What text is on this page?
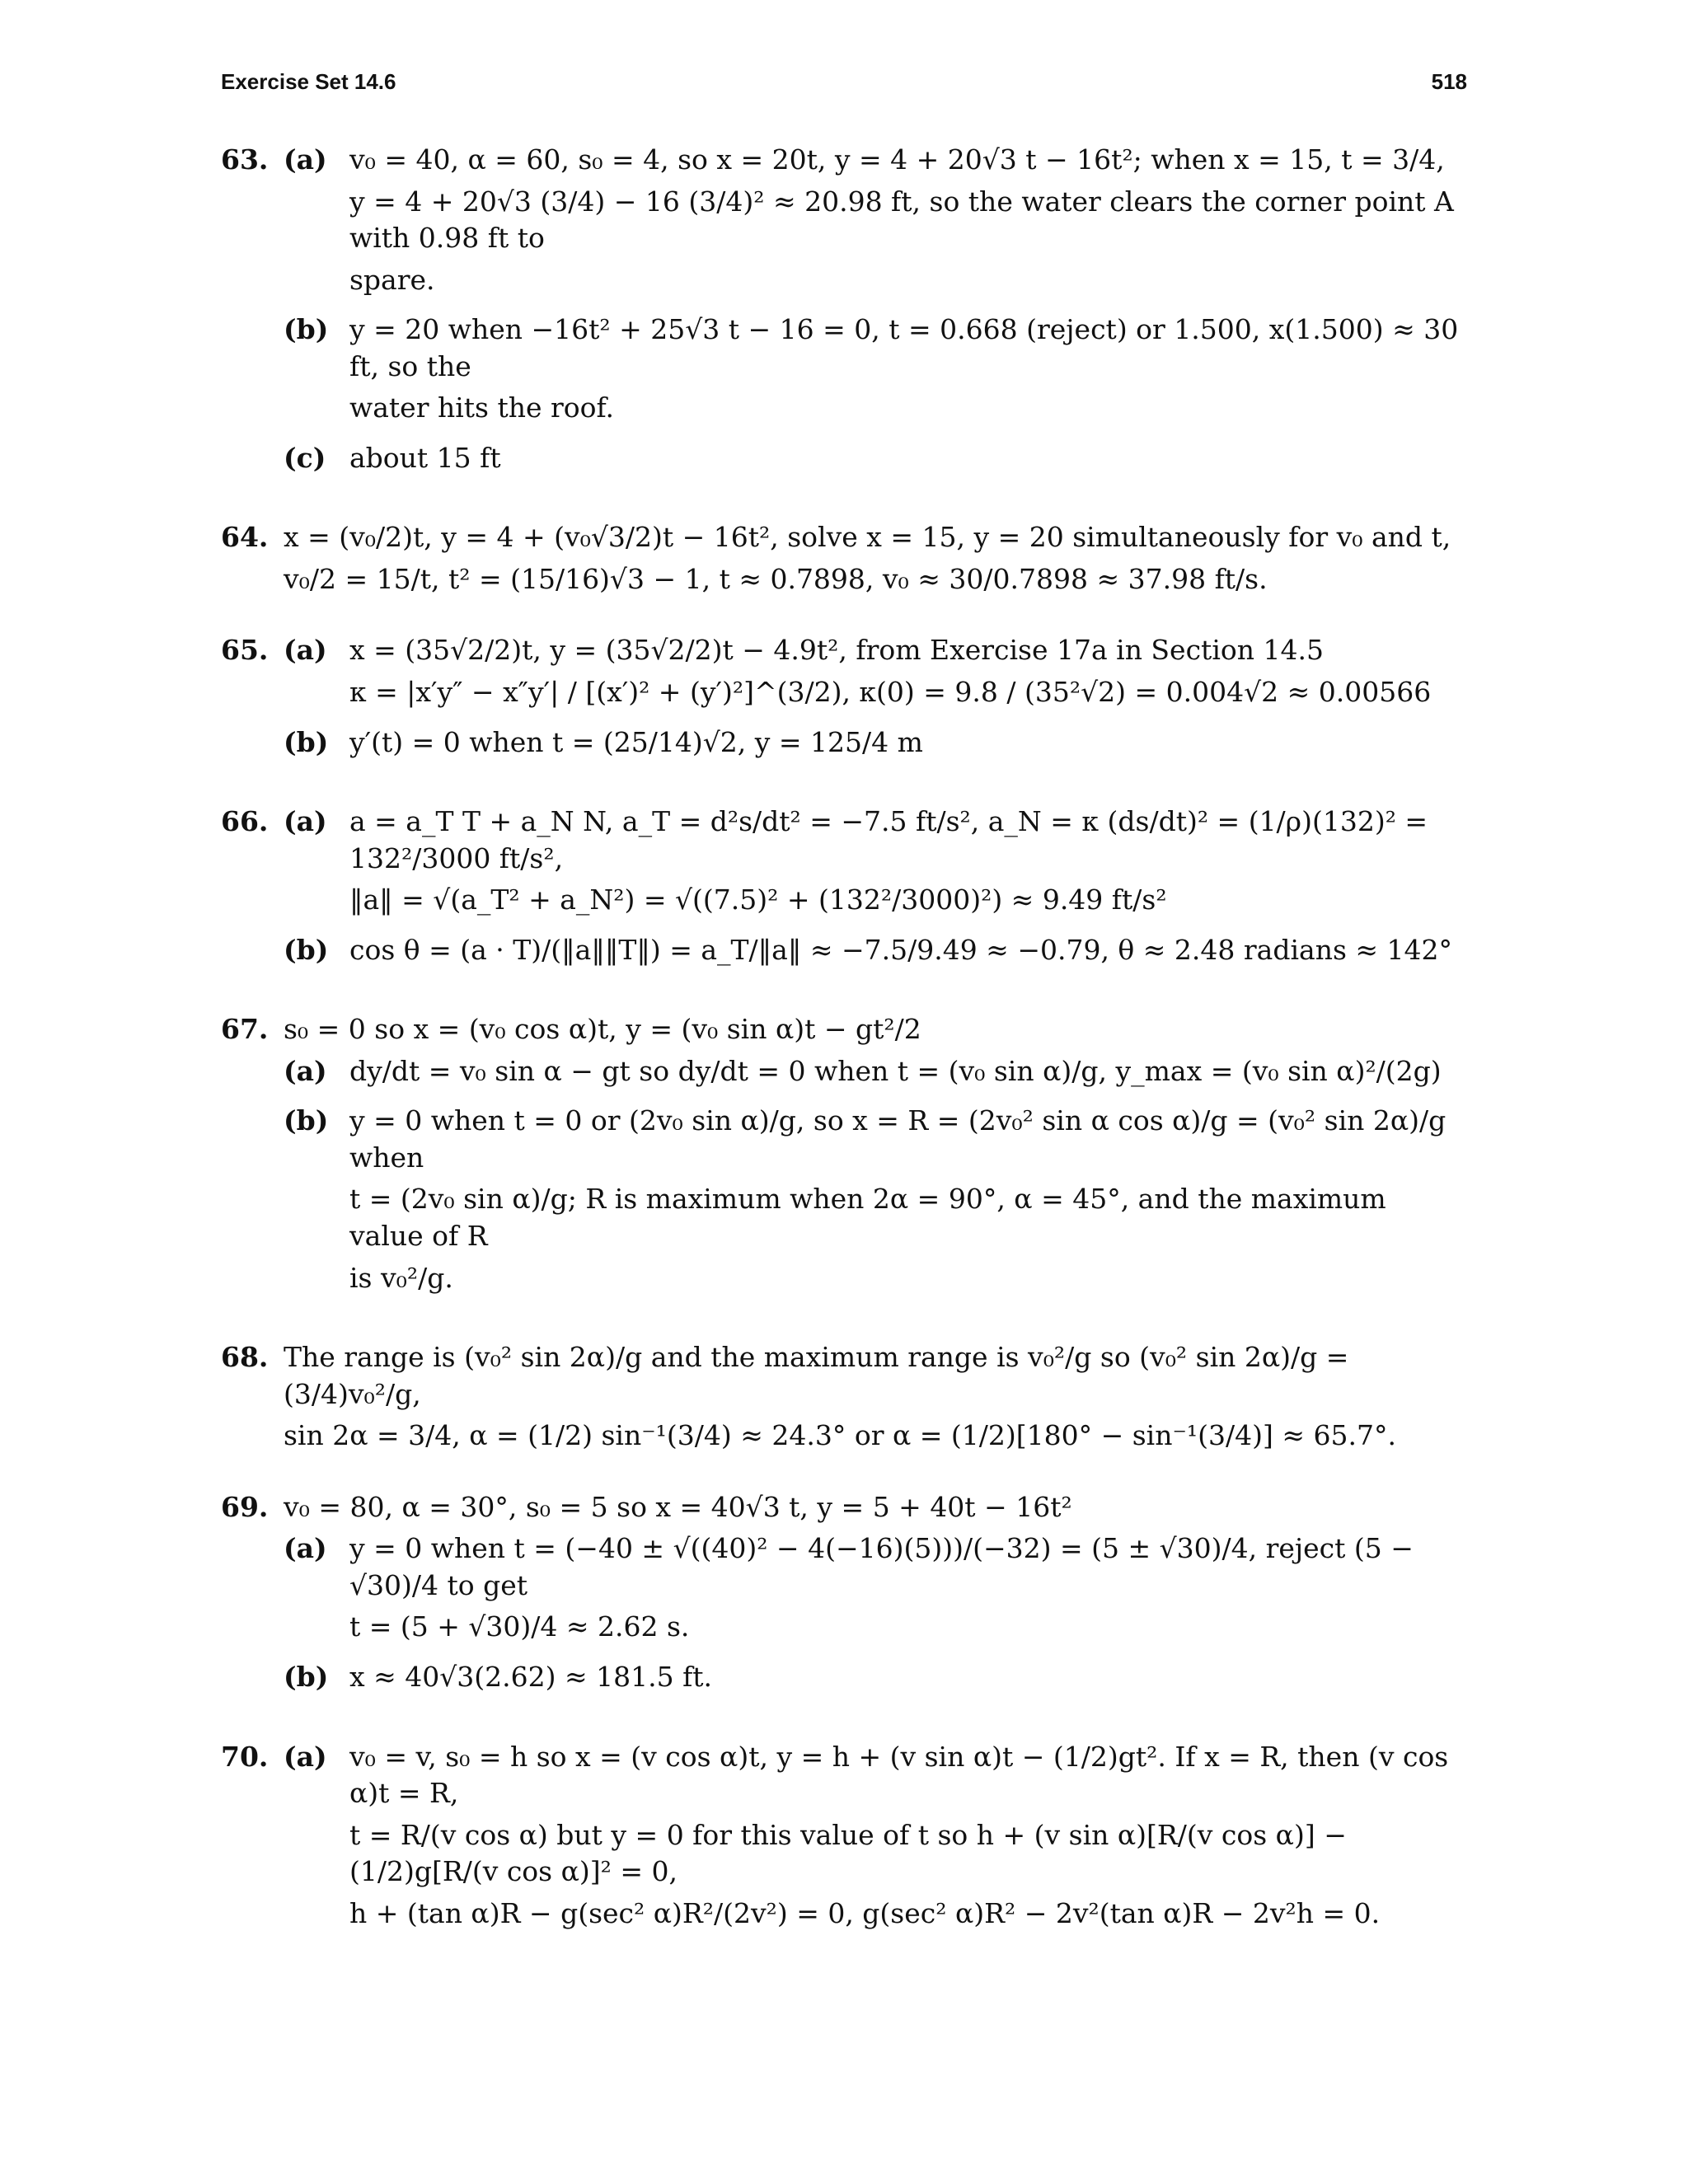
Exercise Set 14.6	518
63. (a) v₀ = 40, α = 60, s₀ = 4, so x = 20t, y = 4 + 20√3 t − 16t²; when x = 15, t = 3/4,
y = 4 + 20√3 (3/4) − 16 (3/4)² ≈ 20.98 ft, so the water clears the corner point A with 0.98 ft to
spare.
(b) y = 20 when −16t² + 25√3 t − 16 = 0, t = 0.668 (reject) or 1.500, x(1.500) ≈ 30 ft, so the
water hits the roof.
(c) about 15 ft
64. x = (v₀/2)t, y = 4 + (v₀√3/2)t − 16t², solve x = 15, y = 20 simultaneously for v₀ and t,
v₀/2 = 15/t, t² = (15/16)√3 − 1, t ≈ 0.7898, v₀ ≈ 30/0.7898 ≈ 37.98 ft/s.
65. (a) x = (35√2/2)t, y = (35√2/2)t − 4.9t², from Exercise 17a in Section 14.5
κ = |x′y″ − x″y′| / [(x′)² + (y′)²]^(3/2), κ(0) = 9.8 / (35²√2) = 0.004√2 ≈ 0.00566
(b) y′(t) = 0 when t = (25/14)√2, y = 125/4 m
66. (a) a = a_T T + a_N N, a_T = d²s/dt² = −7.5 ft/s², a_N = κ (ds/dt)² = (1/ρ)(132)² = 132²/3000 ft/s²,
‖a‖ = √(a_T² + a_N²) = √((7.5)² + (132²/3000)²) ≈ 9.49 ft/s²
(b) cos θ = (a · T)/(‖a‖‖T‖) = a_T/‖a‖ ≈ −7.5/9.49 ≈ −0.79, θ ≈ 2.48 radians ≈ 142°
67. s₀ = 0 so x = (v₀ cos α)t, y = (v₀ sin α)t − gt²/2
(a) dy/dt = v₀ sin α − gt so dy/dt = 0 when t = (v₀ sin α)/g, y_max = (v₀ sin α)²/(2g)
(b) y = 0 when t = 0 or (2v₀ sin α)/g, so x = R = (2v₀² sin α cos α)/g = (v₀² sin 2α)/g when
t = (2v₀ sin α)/g; R is maximum when 2α = 90°, α = 45°, and the maximum value of R
is v₀²/g.
68. The range is (v₀² sin 2α)/g and the maximum range is v₀²/g so (v₀² sin 2α)/g = (3/4)v₀²/g,
sin 2α = 3/4, α = (1/2) sin⁻¹(3/4) ≈ 24.3° or α = (1/2)[180° − sin⁻¹(3/4)] ≈ 65.7°.
69. v₀ = 80, α = 30°, s₀ = 5 so x = 40√3 t, y = 5 + 40t − 16t²
(a) y = 0 when t = (−40 ± √((40)² − 4(−16)(5)))/(−32) = (5 ± √30)/4, reject (5 − √30)/4 to get
t = (5 + √30)/4 ≈ 2.62 s.
(b) x ≈ 40√3(2.62) ≈ 181.5 ft.
70. (a) v₀ = v, s₀ = h so x = (v cos α)t, y = h + (v sin α)t − (1/2)gt². If x = R, then (v cos α)t = R,
t = R/(v cos α) but y = 0 for this value of t so h + (v sin α)[R/(v cos α)] − (1/2)g[R/(v cos α)]² = 0,
h + (tan α)R − g(sec² α)R²/(2v²) = 0, g(sec² α)R² − 2v²(tan α)R − 2v²h = 0.
